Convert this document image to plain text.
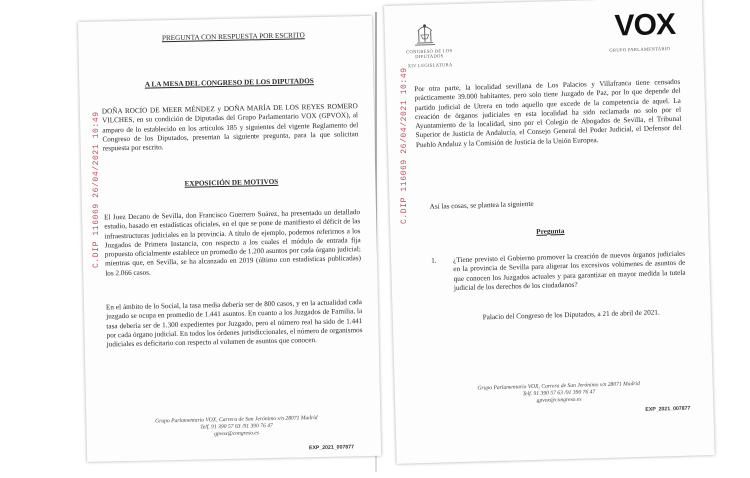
PREGUNTA CON RESPUESTA POR ESCRITO
A LA MESA DEL CONGRESO DE LOS DIPUTADOS
DOÑA ROCÍO DE MEER MÉNDEZ y DOÑA MARÍA DE LOS REYES ROMERO VILCHES, en su condición de Diputadas del Grupo Parlamentario VOX (GPVOX), al amparo de lo establecido en los artículos 185 y siguientes del vigente Reglamento del Congreso de los Diputados, presentan la siguiente pregunta, para la que solicitan respuesta por escrito.
EXPOSICIÓN DE MOTIVOS
El Juez Decano de Sevilla, don Francisco Guerrero Suárez, ha presentado un detallado estudio, basado en estadísticas oficiales, en el que se pone de manifiesto el déficit de las infraestructuras judiciales en la provincia. A título de ejemplo, podemos referirnos a los Juzgados de Primera Instancia, con respecto a los cuales el módulo de entrada fija propuesto oficialmente establece un promedio de 1.200 asuntos por cada órgano judicial; mientras que, en Sevilla, se ha alcanzado en 2019 (último con estadísticas publicadas) los 2.066 casos.
En el ámbito de lo Social, la tasa media debería ser de 800 casos, y en la actualidad cada juzgado se ocupa en promedio de 1.441 asuntos. En cuanto a los Juzgados de Familia, la tasa debería ser de 1.300 expedientes por Juzgado, pero el número real ha sido de 1.441 por cada órgano judicial. En todos los órdenes jurisdiccionales, el número de organismos judiciales es deficitario con respecto al volumen de asuntos que conocen.
Grupo Parlamentario VOX, Carrera de San Jerónimo s/n 28071 Madrid
Telf. 91 390 57 63 /91 390 76 47
gpvox@congreso.es
EXP_2021_007877
C.DIP 116069 26/04/2021 10:49
CONGRESO DE LOS DIPUTADOS
XIV LEGISLATURA
VOX
GRUPO PARLAMENTARIO
Por otra parte, la localidad sevillana de Los Palacios y Villafranca tiene censados prácticamente 39.000 habitantes, pero solo tiene Juzgado de Paz, por lo que depende del partido judicial de Utrera en todo aquello que excede de la competencia de aquel. La creación de órganos judiciales en esta localidad ha sido reclamada no solo por el Ayuntamiento de la localidad, sino por el Colegio de Abogados de Sevilla, el Tribunal Superior de Justicia de Andalucía, el Consejo General del Poder Judicial, el Defensor del Pueblo Andaluz y la Comisión de Justicia de la Unión Europea.
Así las cosas, se plantea la siguiente
Pregunta
1. ¿Tiene previsto el Gobierno promover la creación de nuevos órganos judiciales en la provincia de Sevilla para aligerar los excesivos volúmenes de asuntos de que conocen los Juzgados actuales y para garantizar en mayor medida la tutela judicial de los derechos de los ciudadanos?
Palacio del Congreso de los Diputados, a 21 de abril de 2021.
Grupo Parlamentario VOX, Carrera de San Jerónimo s/n 28071 Madrid
Telf. 91 390 57 63 /91 390 76 47
gpvox@congreso.es
EXP_2021_007877
C.DIP 116069 26/04/2021 10:49
